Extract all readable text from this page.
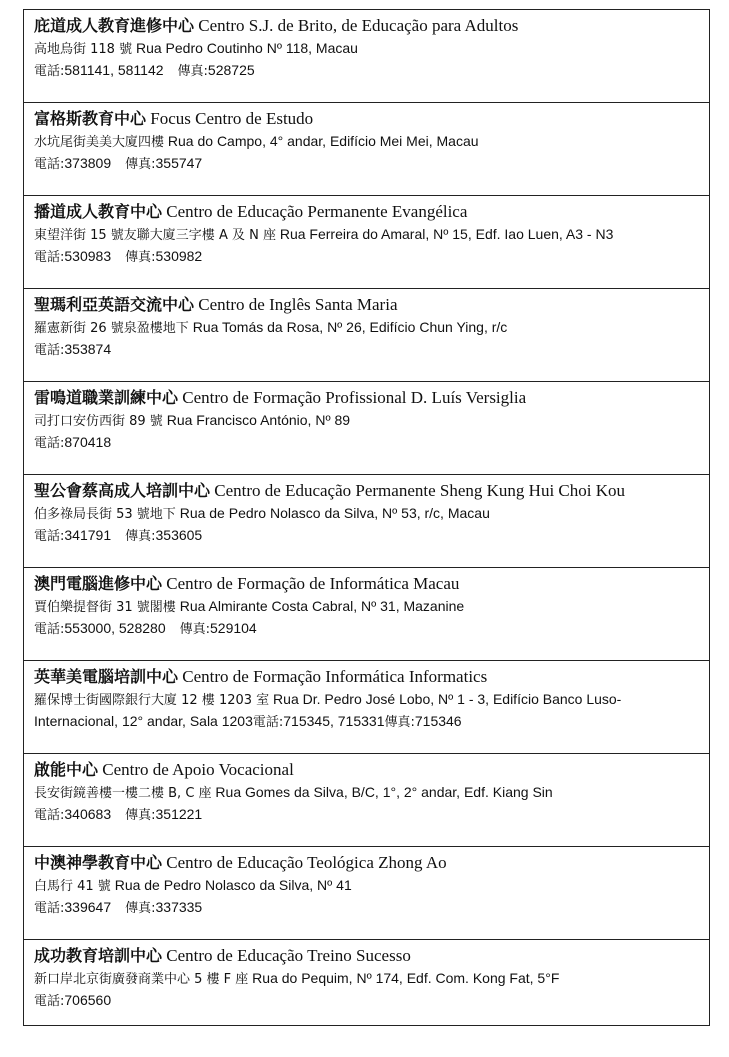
庇道成人教育進修中心 Centro S.J. de Brito, de Educação para Adultos
高地烏街 118 號 Rua Pedro Coutinho Nº 118, Macau
電話:581141, 581142 傳真:528725
富格斯教育中心 Focus Centro de Estudo
水坑尾街美美大廈四樓 Rua do Campo, 4° andar, Edifício Mei Mei, Macau
電話:373809 傳真:355747
播道成人教育中心 Centro de Educação Permanente Evangélica
東望洋街 15 號友聯大廈三字樓 A 及 N 座 Rua Ferreira do Amaral, Nº 15, Edf. Iao Luen, A3 - N3
電話:530983 傳真:530982
聖瑪利亞英語交流中心 Centro de Inglês Santa Maria
羅憲新街 26 號泉盈樓地下 Rua Tomás da Rosa, Nº 26, Edifício Chun Ying, r/c
電話:353874
雷鳴道職業訓練中心 Centro de Formação Profissional D. Luís Versiglia
司打口安仿西街 89 號 Rua Francisco António, Nº 89
電話:870418
聖公會蔡高成人培訓中心 Centro de Educação Permanente Sheng Kung Hui Choi Kou
伯多祿局長街 53 號地下 Rua de Pedro Nolasco da Silva, Nº 53, r/c, Macau
電話:341791 傳真:353605
澳門電腦進修中心 Centro de Formação de Informática Macau
賈伯樂提督街 31 號閣樓 Rua Almirante Costa Cabral, Nº 31, Mazanine
電話:553000, 528280 傳真:529104
英華美電腦培訓中心 Centro de Formação Informática Informatics
羅保博士街國際銀行大廈 12 樓 1203 室 Rua Dr. Pedro José Lobo, Nº 1 - 3, Edifício Banco Luso-Internacional, 12° andar, Sala 1203電話:715345, 715331傳真:715346
啟能中心 Centro de Apoio Vocacional
長安街鏡善樓一樓二樓 B, C 座 Rua Gomes da Silva, B/C, 1°, 2° andar, Edf. Kiang Sin
電話:340683 傳真:351221
中澳神學教育中心 Centro de Educação Teológica Zhong Ao
白馬行 41 號 Rua de Pedro Nolasco da Silva, Nº 41
電話:339647 傳真:337335
成功教育培訓中心 Centro de Educação Treino Sucesso
新口岸北京街廣發商業中心 5 樓 F 座 Rua do Pequim, Nº 174, Edf. Com. Kong Fat, 5°F
電話:706560
